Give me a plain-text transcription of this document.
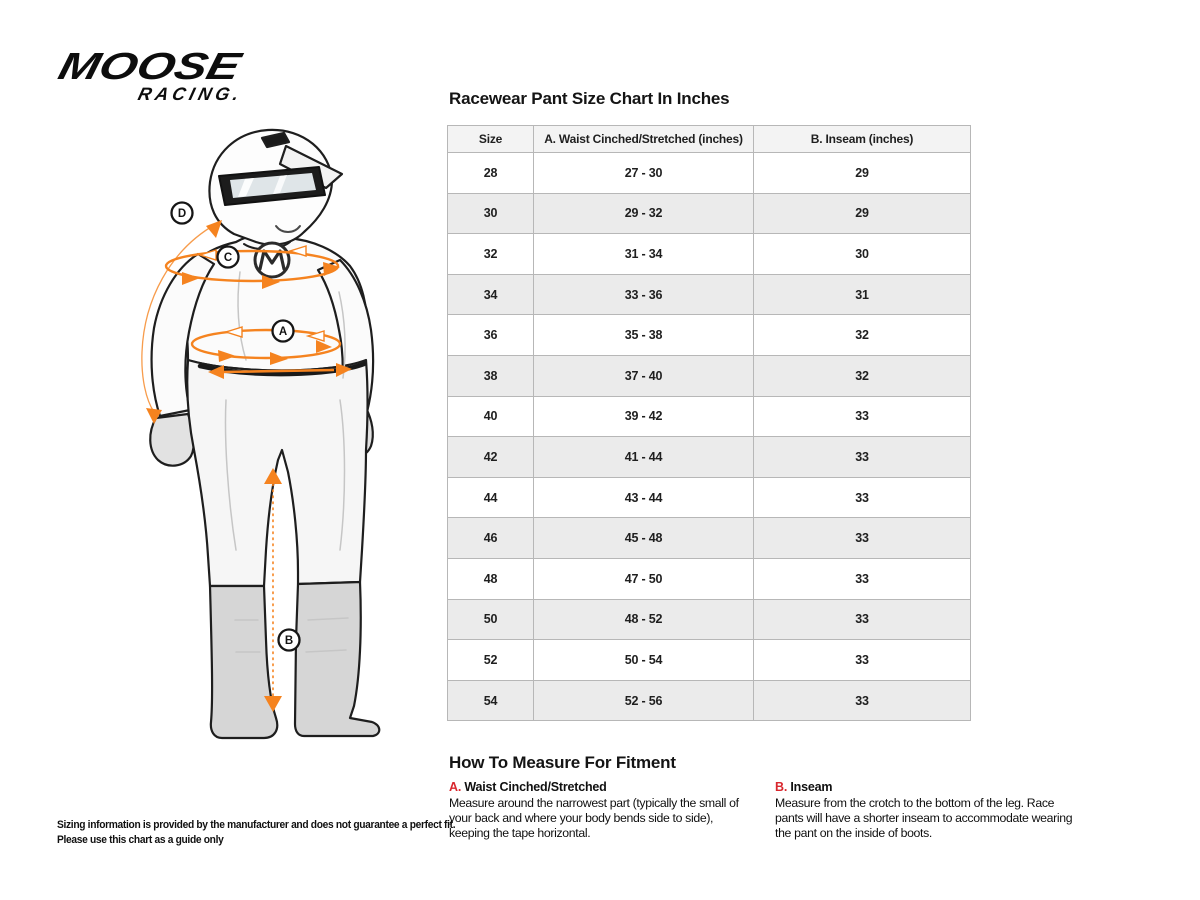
MOOSE
RACING.
D
C
A
B
Racewear Pant Size Chart In Inches
Size	A. Waist Cinched/Stretched (inches)	B. Inseam (inches)
28	27 - 30	29
30	29 - 32	29
32	31 - 34	30
34	33 - 36	31
36	35 - 38	32
38	37 - 40	32
40	39 - 42	33
42	41 - 44	33
44	43 - 44	33
46	45 - 48	33
48	47 - 50	33
50	48 - 52	33
52	50 - 54	33
54	52 - 56	33
How To Measure For Fitment
A. Waist Cinched/Stretched
Measure around the narrowest part (typically the small of your back and where your body bends side to side), keeping the tape horizontal.
B. Inseam
Measure from the crotch to the bottom of the leg. Race pants will have a shorter inseam to accommodate wearing the pant on the inside of boots.
Sizing information is provided by the manufacturer and does not guarantee a perfect fit.
Please use this chart as a guide only
